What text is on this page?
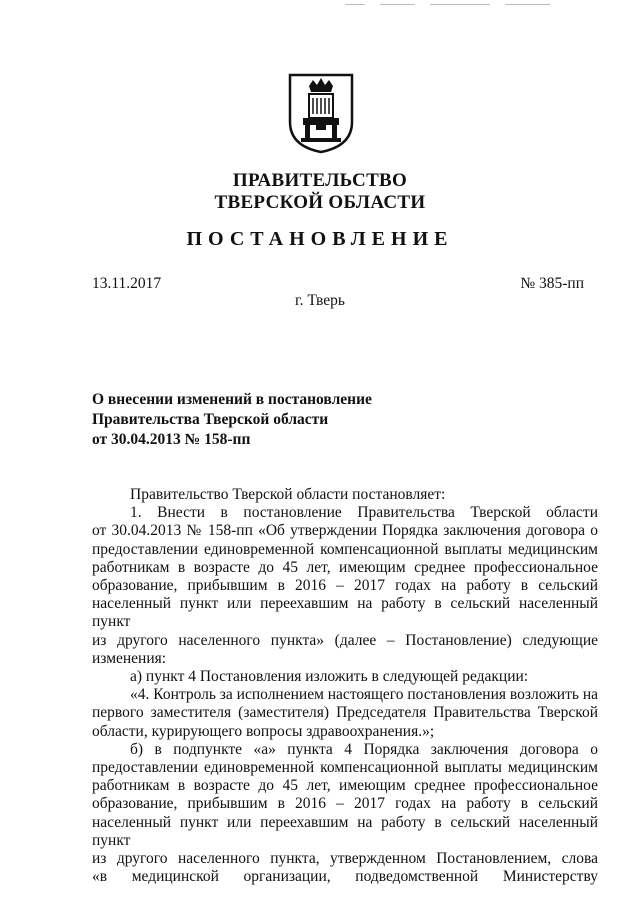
ПРАВИТЕЛЬСТВО
ТВЕРСКОЙ ОБЛАСТИ
ПОСТАНОВЛЕНИЕ
13.11.2017	№ 385-пп
г. Тверь
О внесении изменений в постановление
Правительства Тверской области
от 30.04.2013 № 158-пп

Правительство Тверской области постановляет:

1. Внести в постановление Правительства Тверской области

от 30.04.2013 № 158-пп «Об утверждении Порядка заключения договора о

предоставлении единовременной компенсационной выплаты медицинским

работникам в возрасте до 45 лет, имеющим среднее профессиональное

образование, прибывшим в 2016 – 2017 годах на работу в сельский

населенный пункт или переехавшим на работу в сельский населенный пункт

из другого населенного пункта» (далее – Постановление) следующие

изменения:

а) пункт 4 Постановления изложить в следующей редакции:

«4. Контроль за исполнением настоящего постановления возложить на

первого заместителя (заместителя) Председателя Правительства Тверской

области, курирующего вопросы здравоохранения.»;

б) в подпункте «а» пункта 4 Порядка заключения договора о

предоставлении единовременной компенсационной выплаты медицинским

работникам в возрасте до 45 лет, имеющим среднее профессиональное

образование, прибывшим в 2016 – 2017 годах на работу в сельский

населенный пункт или переехавшим на работу в сельский населенный пункт

из другого населенного пункта, утвержденном Постановлением, слова

«в медицинской организации, подведомственной Министерству
